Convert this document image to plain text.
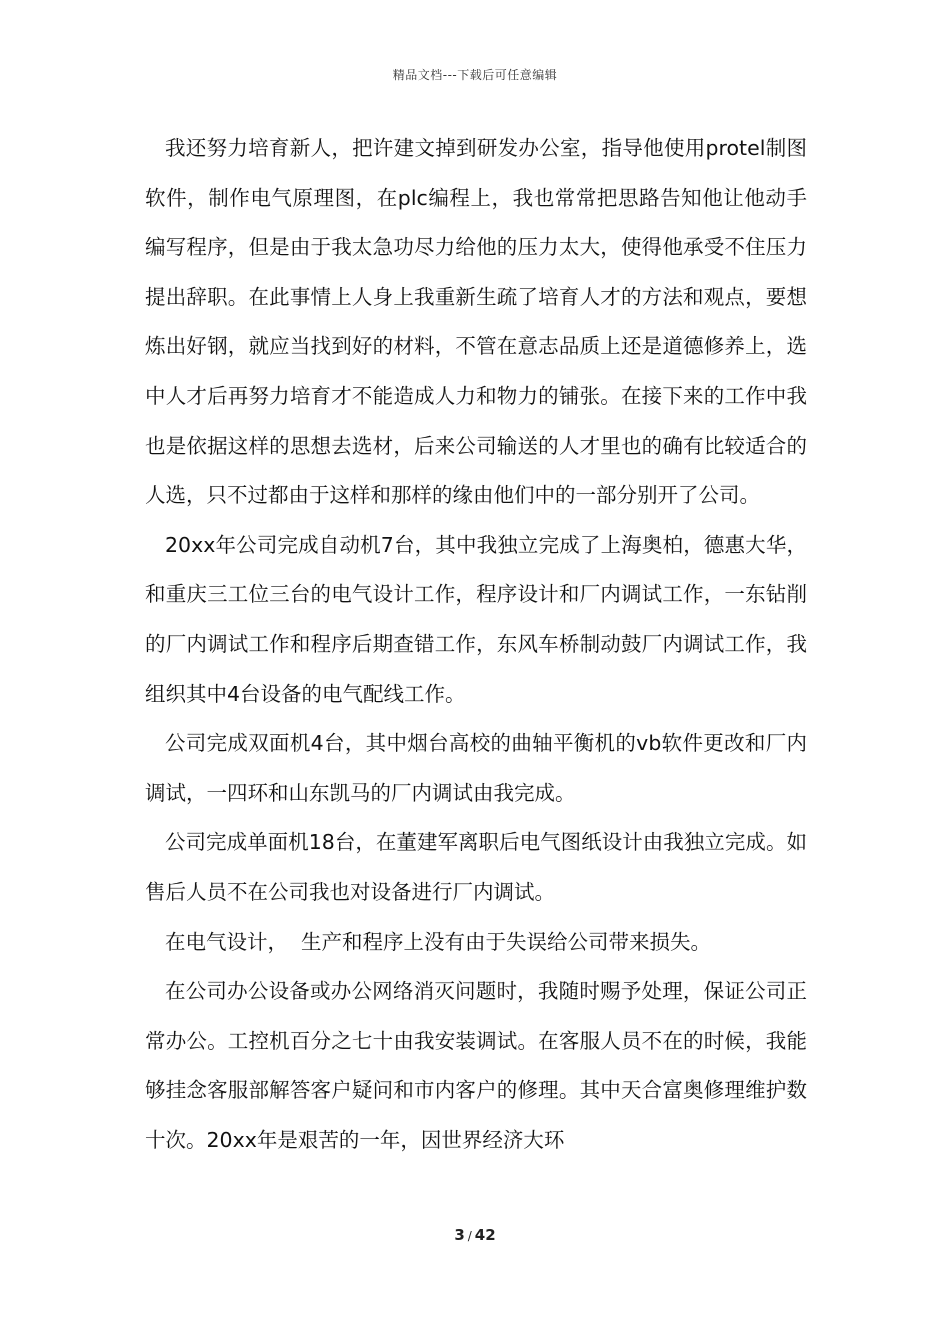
精品文档---下载后可任意编辑

我还努力培育新人，把许建文掉到研发办公室，指导他使用protel制图软件，制作电气原理图，在plc编程上，我也常常把思路告知他让他动手编写程序，但是由于我太急功尽力给他的压力太大，使得他承受不住压力提出辞职。在此事情上人身上我重新生疏了培育人才的方法和观点，要想炼出好钢，就应当找到好的材料，不管在意志品质上还是道德修养上，选中人才后再努力培育才不能造成人力和物力的铺张。在接下来的工作中我也是依据这样的思想去选材，后来公司输送的人才里也的确有比较适合的人选，只不过都由于这样和那样的缘由他们中的一部分别开了公司。

20xx年公司完成自动机7台，其中我独立完成了上海奥柏，德惠大华，和重庆三工位三台的电气设计工作，程序设计和厂内调试工作，一东钻削的厂内调试工作和程序后期查错工作，东风车桥制动鼓厂内调试工作，我组织其中4台设备的电气配线工作。

公司完成双面机4台，其中烟台高校的曲轴平衡机的vb软件更改和厂内调试，一四环和山东凯马的厂内调试由我完成。

公司完成单面机18台，在董建军离职后电气图纸设计由我独立完成。如售后人员不在公司我也对设备进行厂内调试。

在电气设计，  生产和程序上没有由于失误给公司带来损失。

在公司办公设备或办公网络消灭问题时，我随时赐予处理，保证公司正常办公。工控机百分之七十由我安装调试。在客服人员不在的时候，我能够挂念客服部解答客户疑问和市内客户的修理。其中天合富奥修理维护数十次。20xx年是艰苦的一年，因世界经济大环

3 / 42
